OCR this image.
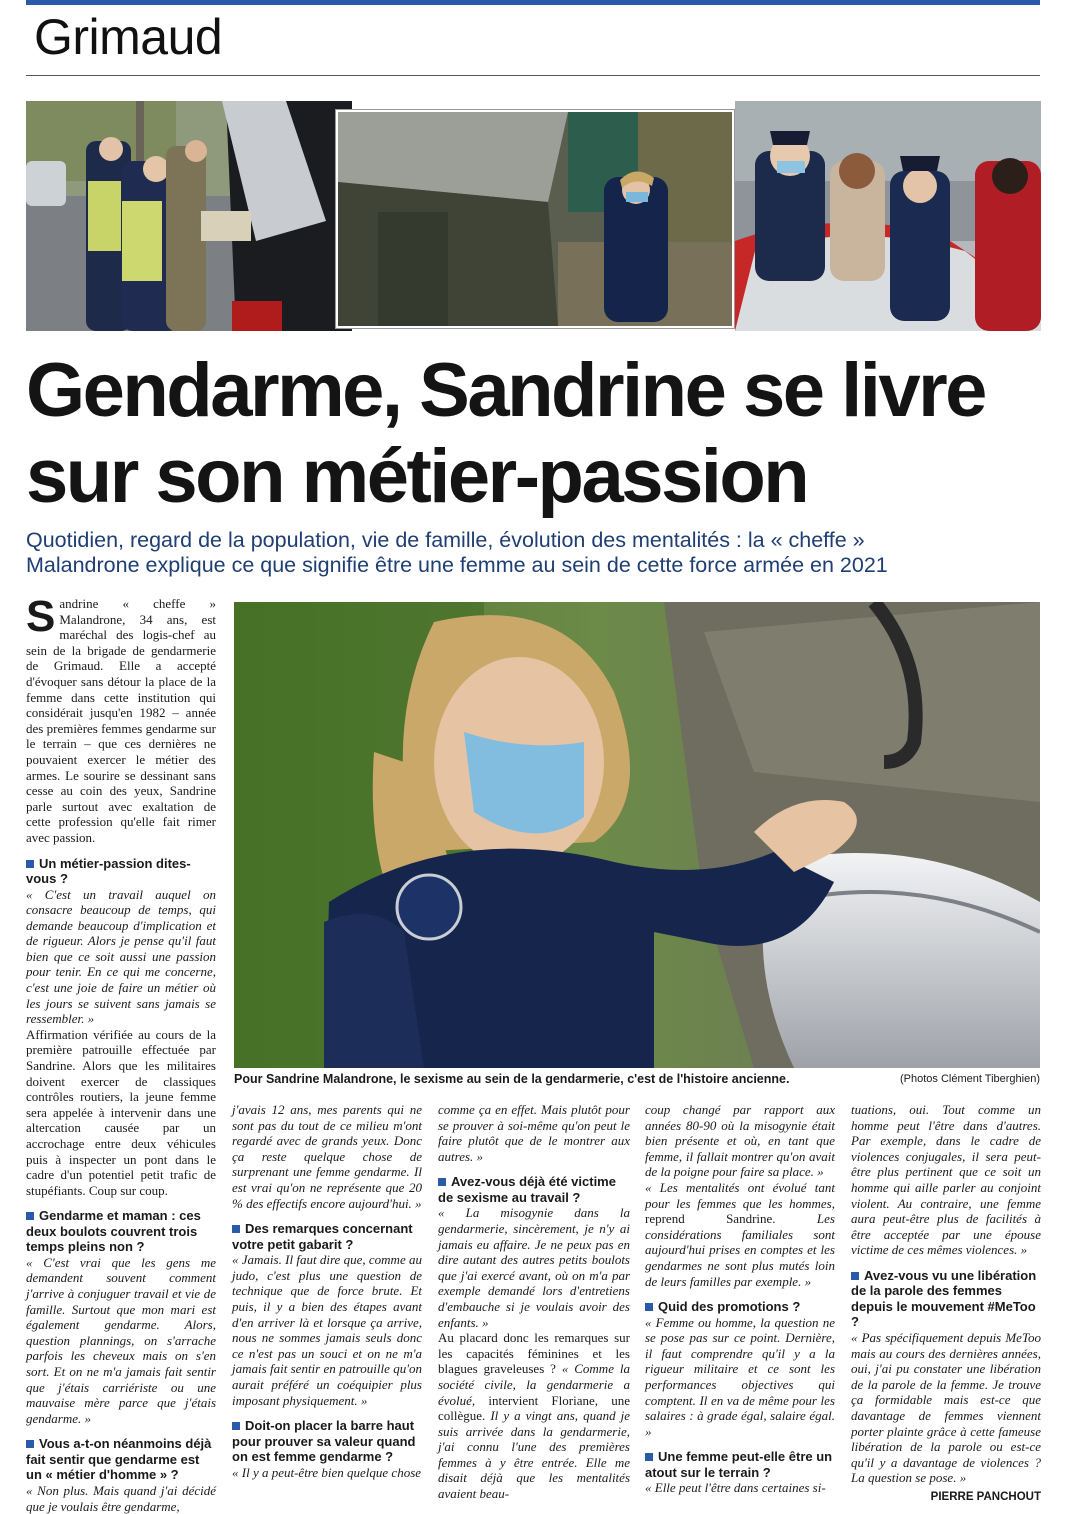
Grimaud
Gendarme, Sandrine se livre
sur son métier-passion
Quotidien, regard de la population, vie de famille, évolution des mentalités : la « cheffe »
Malandrone explique ce que signifie être une femme au sein de cette force armée en 2021
Pour Sandrine Malandrone, le sexisme au sein de la gendarmerie, c'est de l'histoire ancienne.	(Photos Clément Tiberghien)

Sandrine « cheffe » Malandrone, 34 ans, est maréchal des logis-chef au sein de la brigade de gendarmerie de Grimaud. Elle a accepté d'évoquer sans détour la place de la femme dans cette institution qui considérait jusqu'en 1982 – année des premières femmes gendarme sur le terrain – que ces dernières ne pouvaient exercer le métier des armes. Le sourire se dessinant sans cesse au coin des yeux, Sandrine parle surtout avec exaltation de cette profession qu'elle fait rimer avec passion.

Un métier-passion dites-vous ?

« C'est un travail auquel on consacre beaucoup de temps, qui demande beaucoup d'implication et de rigueur. Alors je pense qu'il faut bien que ce soit aussi une passion pour tenir. En ce qui me concerne, c'est une joie de faire un métier où les jours se suivent sans jamais se ressembler. »

Affirmation vérifiée au cours de la première patrouille effectuée par Sandrine. Alors que les militaires doivent exercer de classiques contrôles routiers, la jeune femme sera appelée à intervenir dans une altercation causée par un accrochage entre deux véhicules puis à inspecter un pont dans le cadre d'un potentiel petit trafic de stupéfiants. Coup sur coup.

Gendarme et maman : ces deux boulots couvrent trois temps pleins non ?

« C'est vrai que les gens me demandent souvent comment j'arrive à conjuguer travail et vie de famille. Surtout que mon mari est également gendarme. Alors, question plannings, on s'arrache parfois les cheveux mais on s'en sort. Et on ne m'a jamais fait sentir que j'étais carriériste ou une mauvaise mère parce que j'étais gendarme. »

Vous a-t-on néanmoins déjà fait sentir que gendarme est un « métier d'homme » ?

« Non plus. Mais quand j'ai décidé que je voulais être gendarme,

j'avais 12 ans, mes parents qui ne sont pas du tout de ce milieu m'ont regardé avec de grands yeux. Donc ça reste quelque chose de surprenant une femme gendarme. Il est vrai qu'on ne représente que 20 % des effectifs encore aujourd'hui. »

Des remarques concernant votre petit gabarit ?

« Jamais. Il faut dire que, comme au judo, c'est plus une question de technique que de force brute. Et puis, il y a bien des étapes avant d'en arriver là et lorsque ça arrive, nous ne sommes jamais seuls donc ce n'est pas un souci et on ne m'a jamais fait sentir en patrouille qu'on aurait préféré un coéquipier plus imposant physiquement. »

Doit-on placer la barre haut pour prouver sa valeur quand on est femme gendarme ?

« Il y a peut-être bien quelque chose

comme ça en effet. Mais plutôt pour se prouver à soi-même qu'on peut le faire plutôt que de le montrer aux autres. »

Avez-vous déjà été victime de sexisme au travail ?

« La misogynie dans la gendarmerie, sincèrement, je n'y ai jamais eu affaire. Je ne peux pas en dire autant des autres petits boulots que j'ai exercé avant, où on m'a par exemple demandé lors d'entretiens d'embauche si je voulais avoir des enfants. »

Au placard donc les remarques sur les capacités féminines et les blagues graveleuses ? « Comme la société civile, la gendarmerie a évolué, intervient Floriane, une collègue. Il y a vingt ans, quand je suis arrivée dans la gendarmerie, j'ai connu l'une des premières femmes à y être entrée. Elle me disait déjà que les mentalités avaient beau-

coup changé par rapport aux années 80-90 où la misogynie était bien présente et où, en tant que femme, il fallait montrer qu'on avait de la poigne pour faire sa place. »

« Les mentalités ont évolué tant pour les femmes que les hommes, reprend Sandrine. Les considérations familiales sont aujourd'hui prises en comptes et les gendarmes ne sont plus mutés loin de leurs familles par exemple. »

Quid des promotions ?

« Femme ou homme, la question ne se pose pas sur ce point. Dernière, il faut comprendre qu'il y a la rigueur militaire et ce sont les performances objectives qui comptent. Il en va de même pour les salaires : à grade égal, salaire égal. »

Une femme peut-elle être un atout sur le terrain ?

« Elle peut l'être dans certaines si-

tuations, oui. Tout comme un homme peut l'être dans d'autres. Par exemple, dans le cadre de violences conjugales, il sera peut-être plus pertinent que ce soit un homme qui aille parler au conjoint violent. Au contraire, une femme aura peut-être plus de facilités à être acceptée par une épouse victime de ces mêmes violences. »

Avez-vous vu une libération de la parole des femmes depuis le mouvement #MeToo ?

« Pas spécifiquement depuis MeToo mais au cours des dernières années, oui, j'ai pu constater une libération de la parole de la femme. Je trouve ça formidable mais est-ce que davantage de femmes viennent porter plainte grâce à cette fameuse libération de la parole ou est-ce qu'il y a davantage de violences ? La question se pose. »

PIERRE PANCHOUT
